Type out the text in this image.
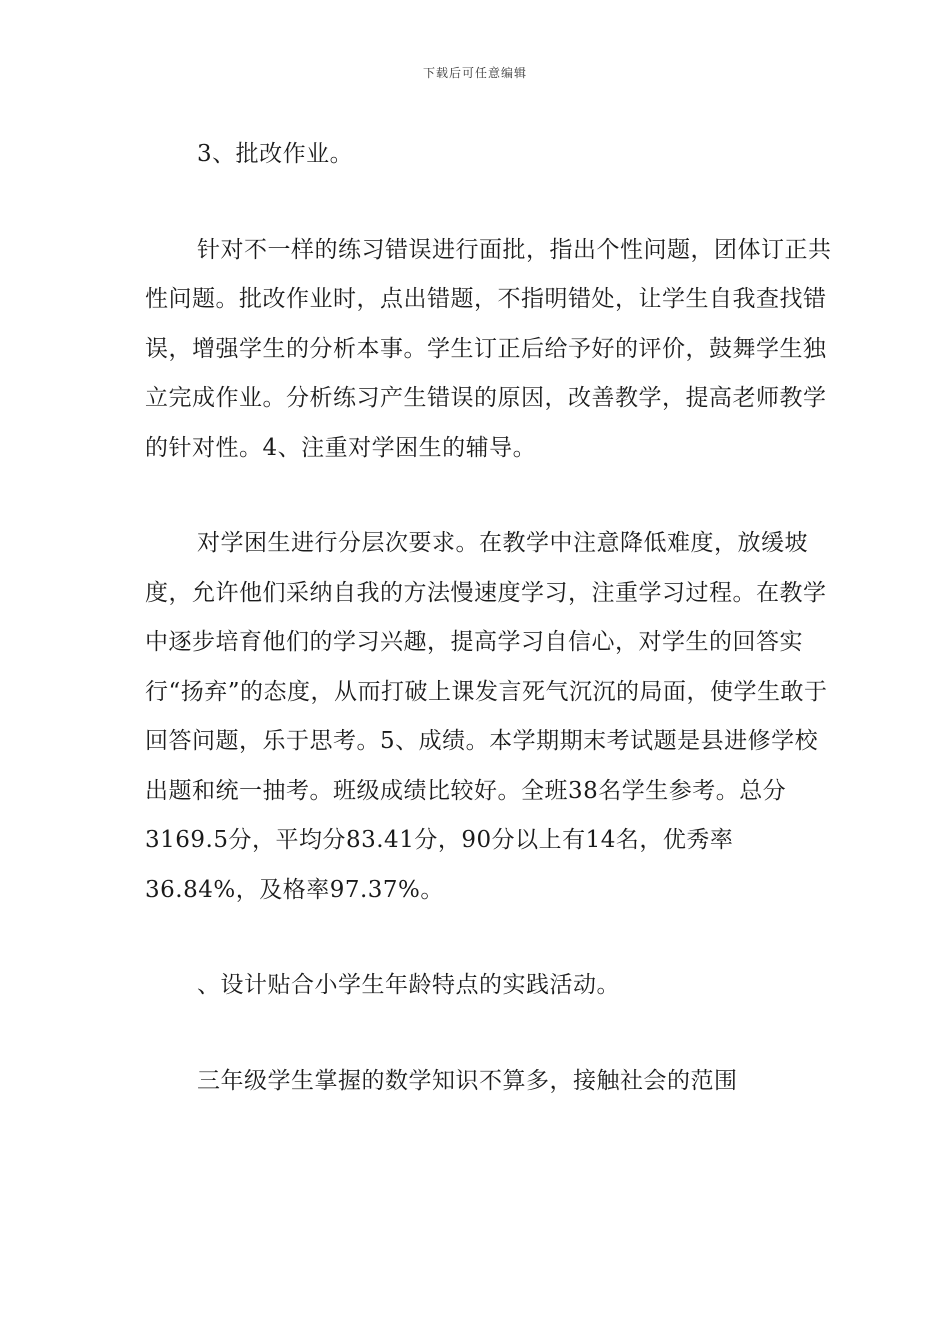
下载后可任意编辑

3、批改作业。

针对不一样的练习错误进行面批，指出个性问题，团体订正共性问题。批改作业时，点出错题，不指明错处，让学生自我查找错误，增强学生的分析本事。学生订正后给予好的评价，鼓舞学生独立完成作业。分析练习产生错误的原因，改善教学，提高老师教学的针对性。4、注重对学困生的辅导。

对学困生进行分层次要求。在教学中注意降低难度，放缓坡度，允许他们采纳自我的方法慢速度学习，注重学习过程。在教学中逐步培育他们的学习兴趣，提高学习自信心，对学生的回答实行“扬弃”的态度，从而打破上课发言死气沉沉的局面，使学生敢于回答问题，乐于思考。5、成绩。本学期期末考试题是县进修学校出题和统一抽考。班级成绩比较好。全班38名学生参考。总分3169.5分，平均分83.41分，90分以上有14名，优秀率36.84%，及格率97.37%。

、设计贴合小学生年龄特点的实践活动。

三年级学生掌握的数学知识不算多，接触社会的范围
